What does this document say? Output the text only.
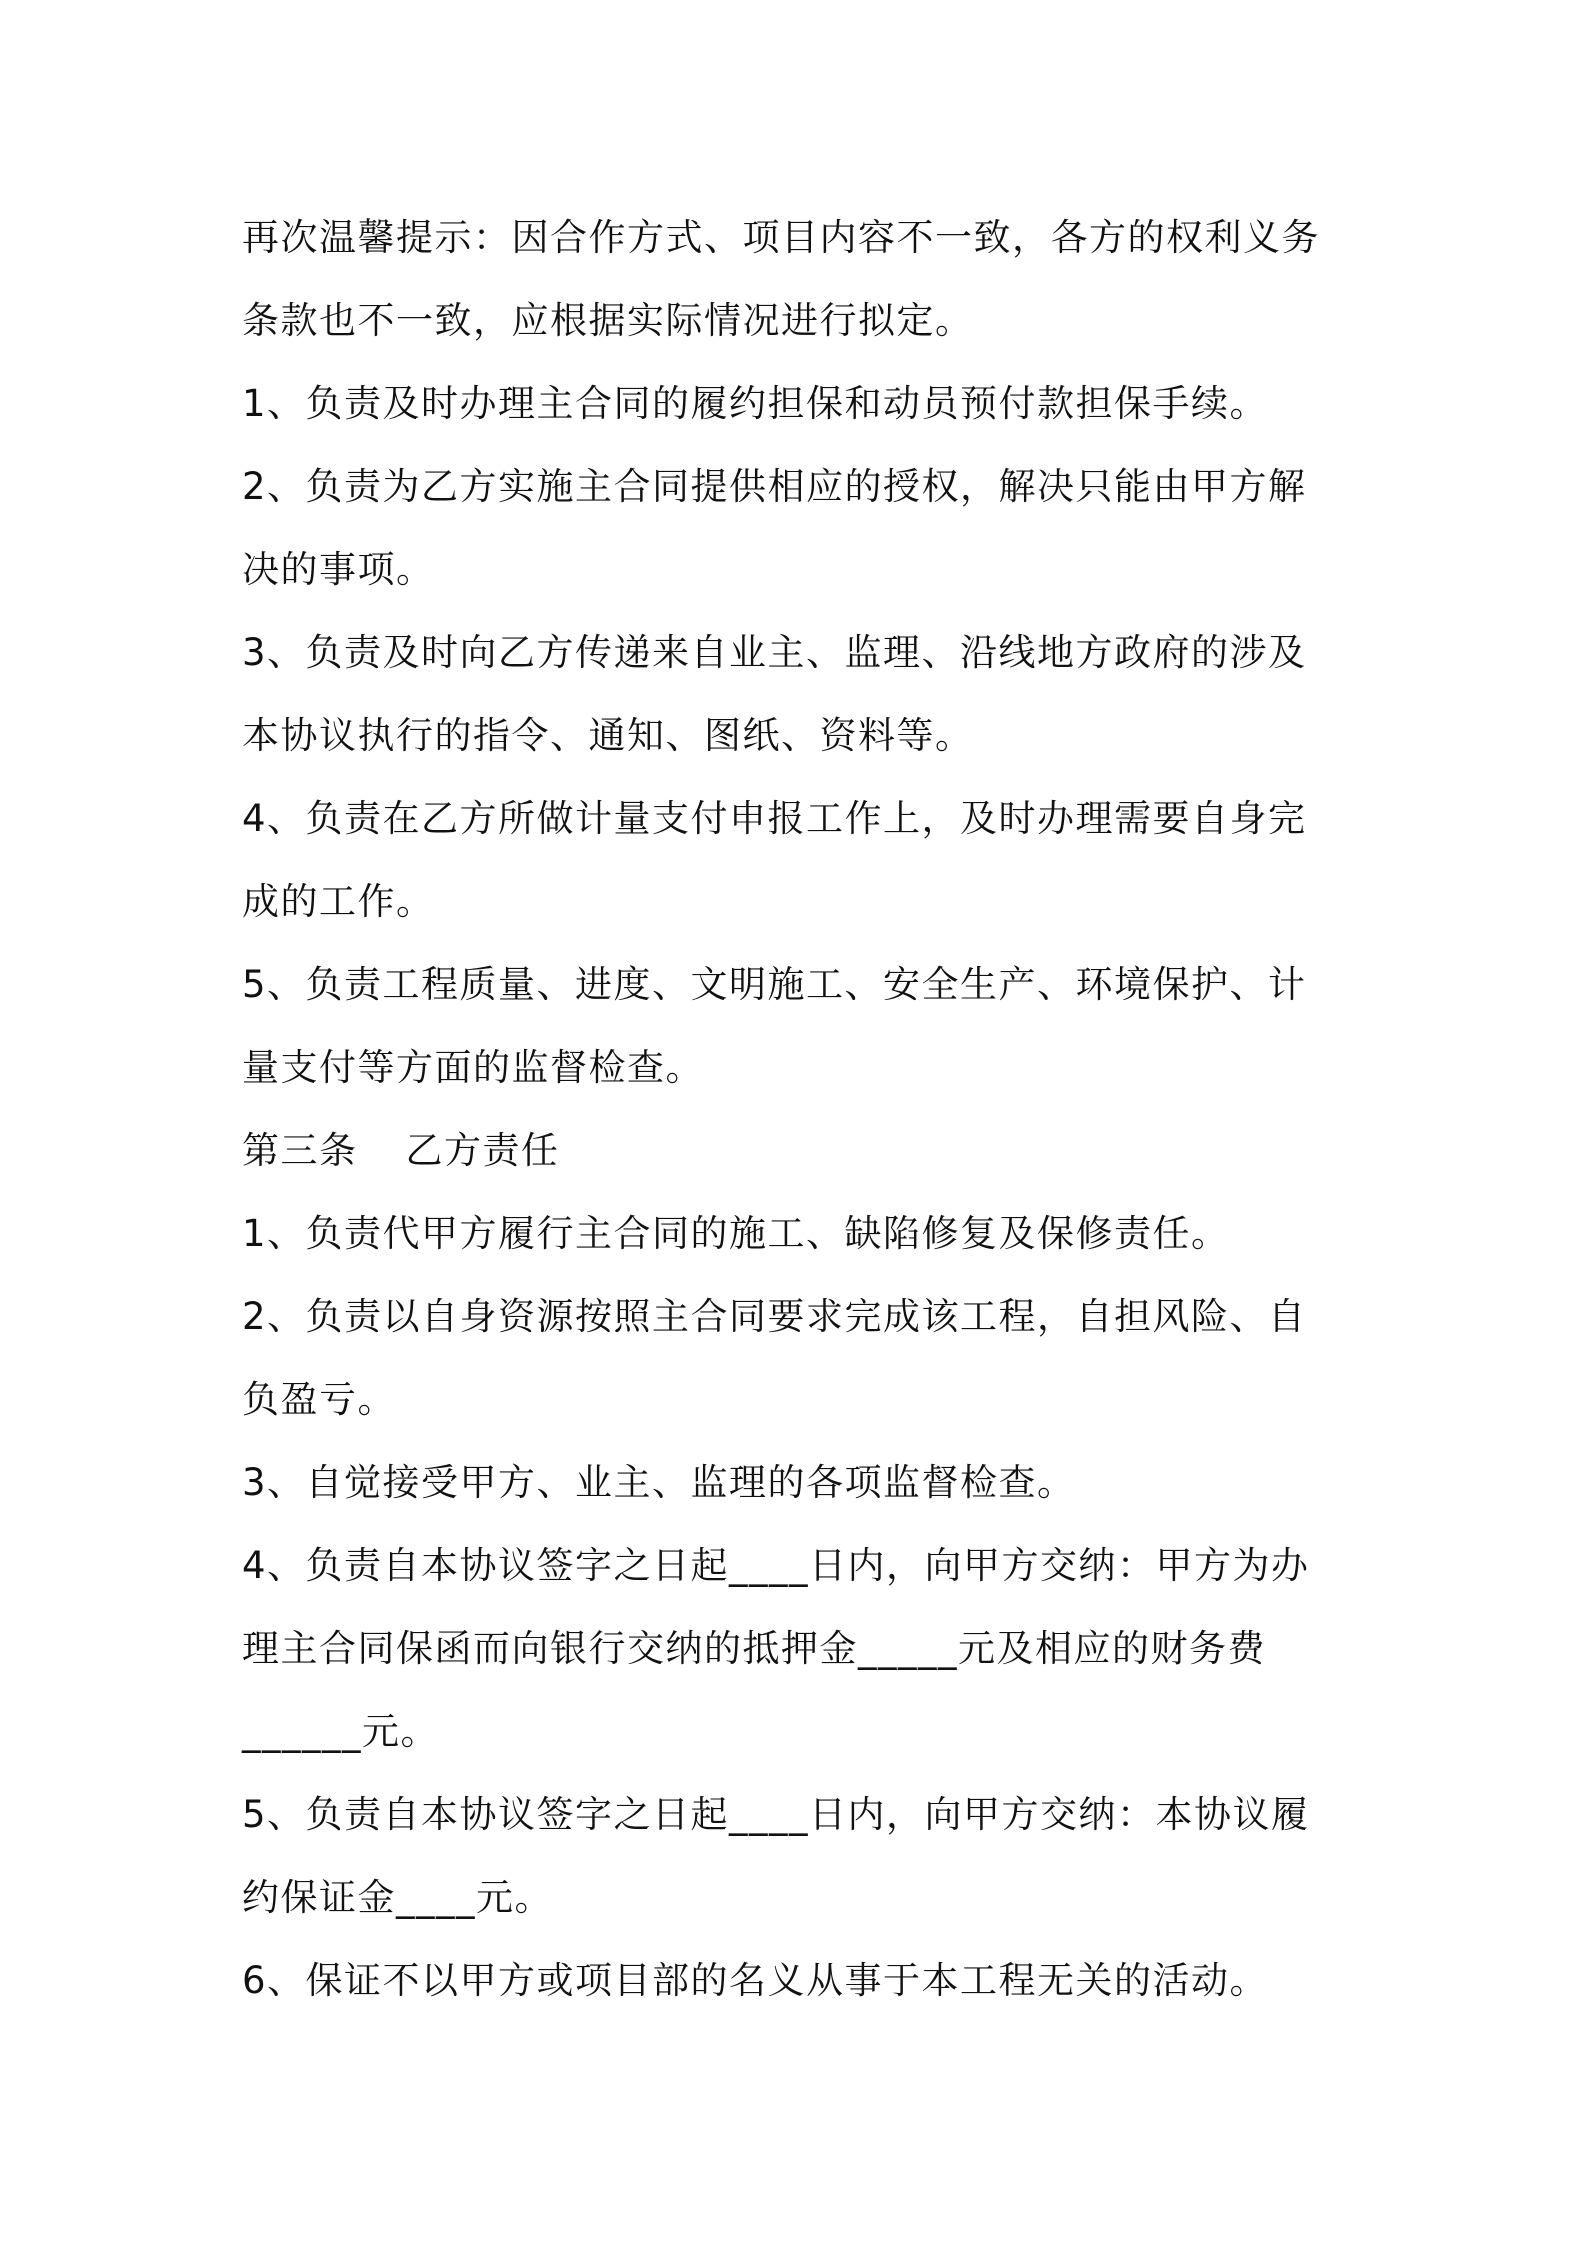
再次温馨提示：因合作方式、项目内容不一致，各方的权利义务
条款也不一致，应根据实际情况进行拟定。
1、负责及时办理主合同的履约担保和动员预付款担保手续。
2、负责为乙方实施主合同提供相应的授权，解决只能由甲方解
决的事项。
3、负责及时向乙方传递来自业主、监理、沿线地方政府的涉及
本协议执行的指令、通知、图纸、资料等。
4、负责在乙方所做计量支付申报工作上，及时办理需要自身完
成的工作。
5、负责工程质量、进度、文明施工、安全生产、环境保护、计
量支付等方面的监督检查。
第三条 乙方责任
1、负责代甲方履行主合同的施工、缺陷修复及保修责任。
2、负责以自身资源按照主合同要求完成该工程，自担风险、自
负盈亏。
3、自觉接受甲方、业主、监理的各项监督检查。
4、负责自本协议签字之日起____日内，向甲方交纳：甲方为办
理主合同保函而向银行交纳的抵押金_____元及相应的财务费
______元。
5、负责自本协议签字之日起____日内，向甲方交纳：本协议履
约保证金____元。
6、保证不以甲方或项目部的名义从事于本工程无关的活动。
